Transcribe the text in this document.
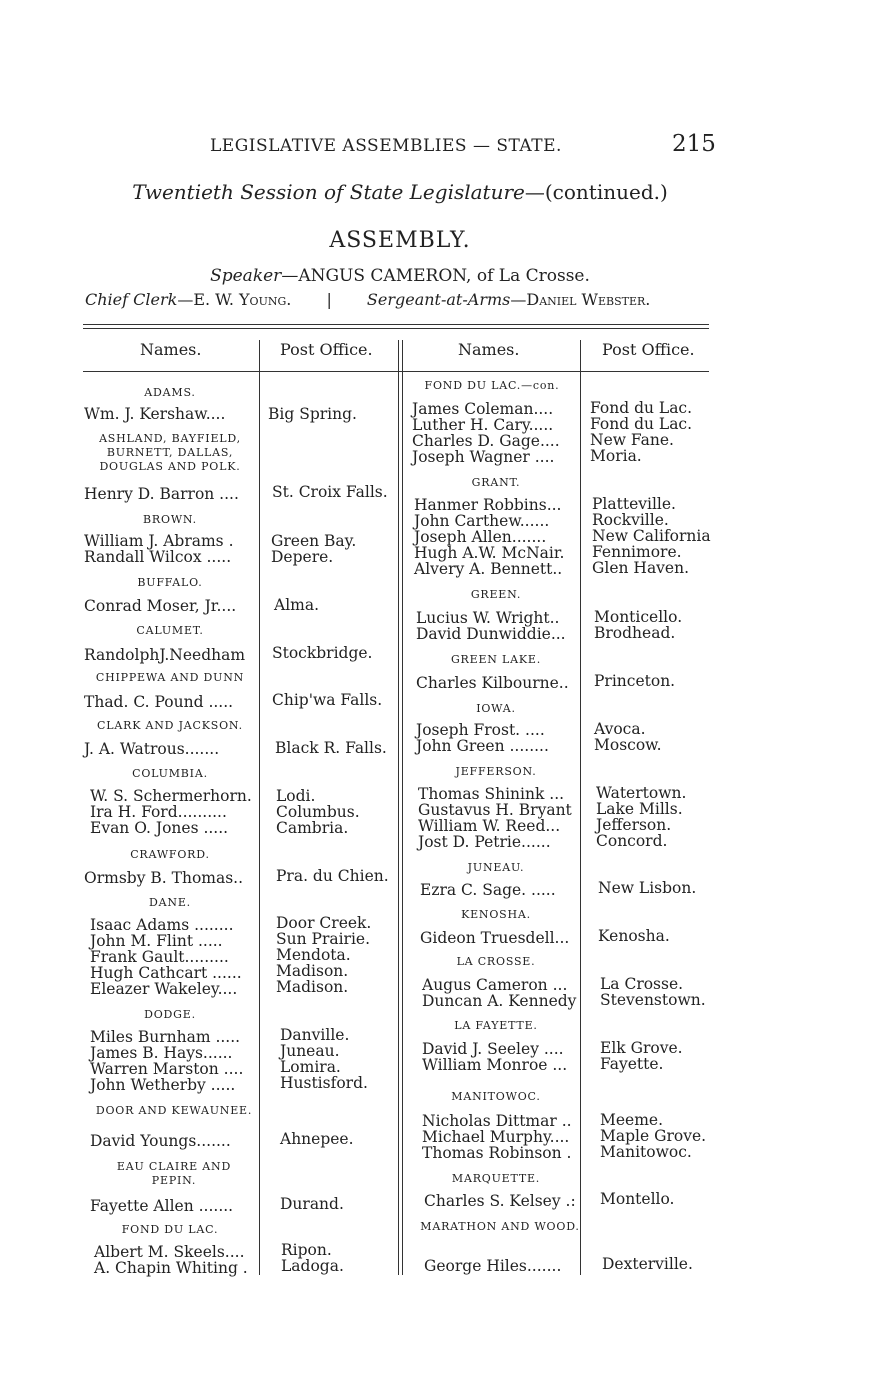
LEGISLATIVE ASSEMBLIES — STATE.	215
Twentieth Session of State Legislature—(continued.)
ASSEMBLY.
Speaker—ANGUS CAMERON, of La Crosse.
Chief Clerk—E. W. Young. | Sergeant-at-Arms—Daniel Webster.
Names.	Post Office.	Names.	Post Office.
ADAMS.
Wm. J. Kershaw....	Big Spring.
ASHLAND, BAYFIELD, BURNETT, DALLAS, DOUGLAS AND POLK.
Henry D. Barron .... St. Croix Falls.
BROWN.
William J. Abrams . Green Bay.
Randall Wilcox .....	Depere.
BUFFALO.
Conrad Moser, Jr.... Alma.
CALUMET.
RandolphJ.Needham Stockbridge.
CHIPPEWA AND DUNN
Thad. C. Pound .....	Chip'wa Falls.
CLARK AND JACKSON.
J. A. Watrous.......	Black R. Falls.
COLUMBIA.
W. S. Schermerhorn. Lodi.
Ira H. Ford..........	Columbus.
Evan O. Jones .....	Cambria.
CRAWFORD.
Ormsby B. Thomas.. Pra. du Chien.
DANE.
Isaac Adams ........	Door Creek.
John M. Flint .....	Sun Prairie.
Frank Gault.........	Mendota.
Hugh Cathcart ...... Madison.
Eleazer Wakeley.... Madison.
DODGE.
Miles Burnham .....	Danville.
James B. Hays......	Juneau.
Warren Marston .... Lomira.
John Wetherby .....	Hustisford.
DOOR AND KEWAUNEE.
David Youngs.......	Ahnepee.
EAU CLAIRE AND PEPIN.
Fayette Allen .......	Durand.
FOND DU LAC.
Albert M. Skeels.... Ripon.
A. Chapin Whiting . Ladoga.
FOND DU LAC.—con.
James Coleman.... Fond du Lac.
Luther H. Cary..... Fond du Lac.
Charles D. Gage.... New Fane.
Joseph Wagner .... Moria.
GRANT.
Hanmer Robbins... Platteville.
John Carthew......	Rockville.
Joseph Allen.......	New California
Hugh A.W. McNair. Fennimore.
Alvery A. Bennett.. Glen Haven.
GREEN.
Lucius W. Wright.. Monticello.
David Dunwiddie... Brodhead.
GREEN LAKE.
Charles Kilbourne.. Princeton.
IOWA.
Joseph Frost. ....	Avoca.
John Green ........	Moscow.
JEFFERSON.
Thomas Shinink ... Watertown.
Gustavus H. Bryant Lake Mills.
William W. Reed... Jefferson.
Jost D. Petrie......	Concord.
JUNEAU.
Ezra C. Sage. .....	New Lisbon.
KENOSHA.
Gideon Truesdell... Kenosha.
LA CROSSE.
Augus Cameron ... La Crosse.
Duncan A. Kennedy Stevenstown.
LA FAYETTE.
David J. Seeley .... Elk Grove.
William Monroe ... Fayette.
MANITOWOC.
Nicholas Dittmar .. Meeme.
Michael Murphy.... Maple Grove.
Thomas Robinson . Manitowoc.
MARQUETTE.
Charles S. Kelsey .: Montello.
MARATHON AND WOOD.
George Hiles.......	Dexterville.
